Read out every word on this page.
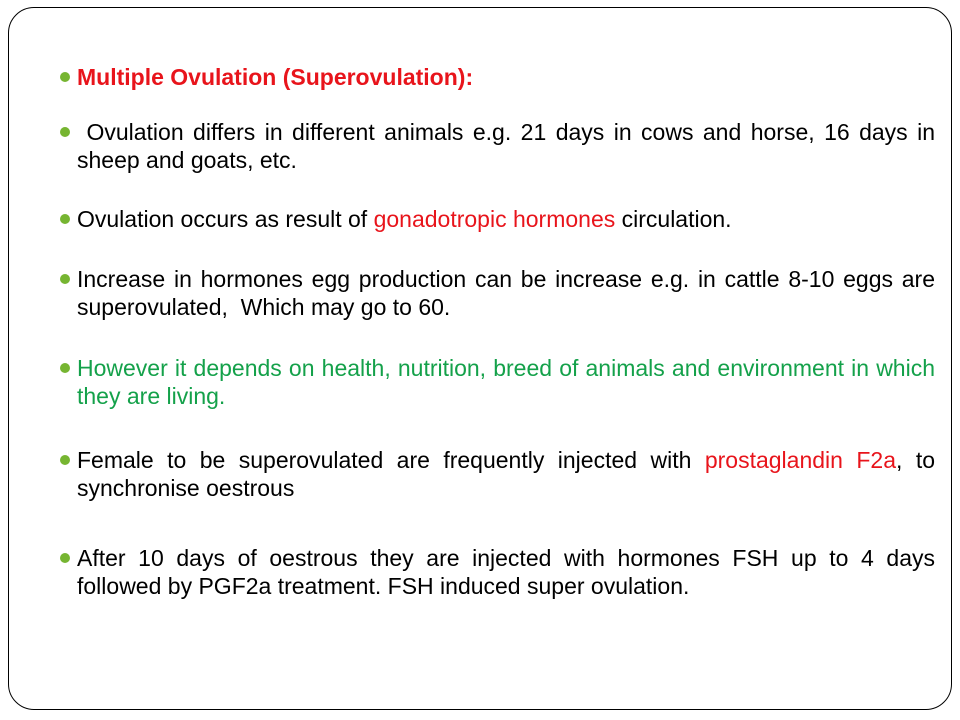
Multiple Ovulation (Superovulation):
Ovulation differs in different animals e.g. 21 days in cows and horse, 16 days in sheep and goats, etc.
Ovulation occurs as result of gonadotropic hormones circulation.
Increase in hormones egg production can be increase e.g. in cattle 8-10 eggs are superovulated,  Which may go to 60.
However it depends on health, nutrition, breed of animals and environment in which they are living.
Female to be superovulated are frequently injected with prostaglandin F2a, to synchronise oestrous
After 10 days of oestrous they are injected with hormones FSH up to 4 days followed by PGF2a treatment. FSH induced super ovulation.
